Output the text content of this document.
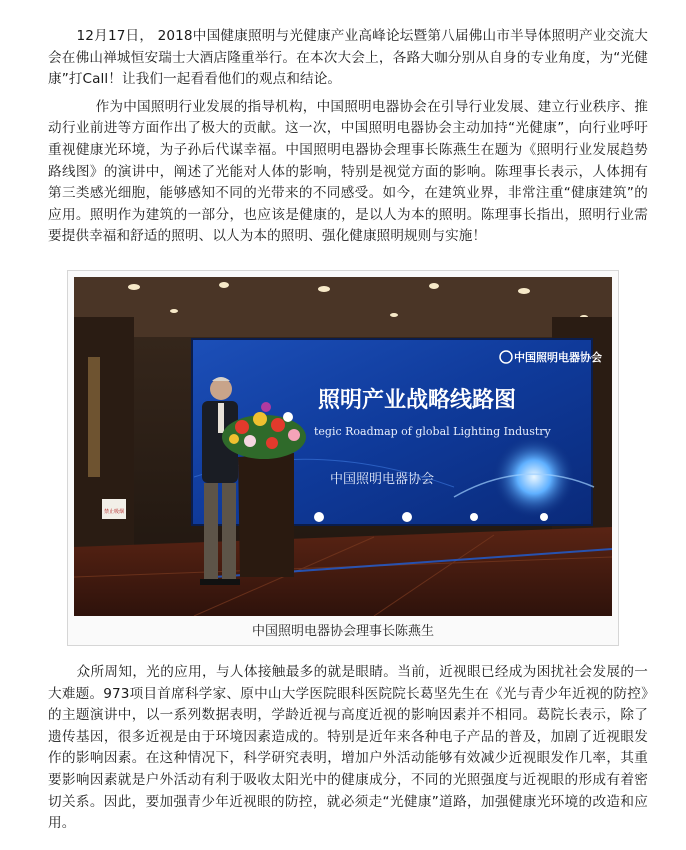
12月17日， 2018中国健康照明与光健康产业高峰论坛暨第八届佛山市半导体照明产业交流大会在佛山禅城恒安瑞士大酒店隆重举行。在本次大会上，各路大咖分别从自身的专业角度，为“光健康”打Call！让我们一起看看他们的观点和结论。

作为中国照明行业发展的指导机构，中国照明电器协会在引导行业发展、建立行业秩序、推动行业前进等方面作出了极大的贡献。这一次，中国照明电器协会主动加持“光健康”，向行业呼吁重视健康光环境，为子孙后代谋幸福。中国照明电器协会理事长陈燕生在题为《照明行业发展趋势路线图》的演讲中，阐述了光能对人体的影响，特别是视觉方面的影响。陈理事长表示，人体拥有第三类感光细胞，能够感知不同的光带来的不同感受。如今，在建筑业界，非常注重“健康建筑”的应用。照明作为建筑的一部分，也应该是健康的，是以人为本的照明。陈理事长指出，照明行业需要提供幸福和舒适的照明、以人为本的照明、强化健康照明规则与实施！

中国照明电器协会
照明产业战略线路图
tegic Roadmap of global Lighting Industry
中国照明电器协会
禁止吸烟
中国照明电器协会理事长陈燕生

众所周知，光的应用，与人体接触最多的就是眼睛。当前，近视眼已经成为困扰社会发展的一大难题。973项目首席科学家、原中山大学医院眼科医院院长葛坚先生在《光与青少年近视的防控》的主题演讲中，以一系列数据表明，学龄近视与高度近视的影响因素并不相同。葛院长表示，除了遗传基因，很多近视是由于环境因素造成的。特别是近年来各种电子产品的普及，加剧了近视眼发作的影响因素。在这种情况下，科学研究表明，增加户外活动能够有效减少近视眼发作几率，其重要影响因素就是户外活动有利于吸收太阳光中的健康成分，不同的光照强度与近视眼的形成有着密切关系。因此，要加强青少年近视眼的防控，就必须走“光健康”道路，加强健康光环境的改造和应用。
